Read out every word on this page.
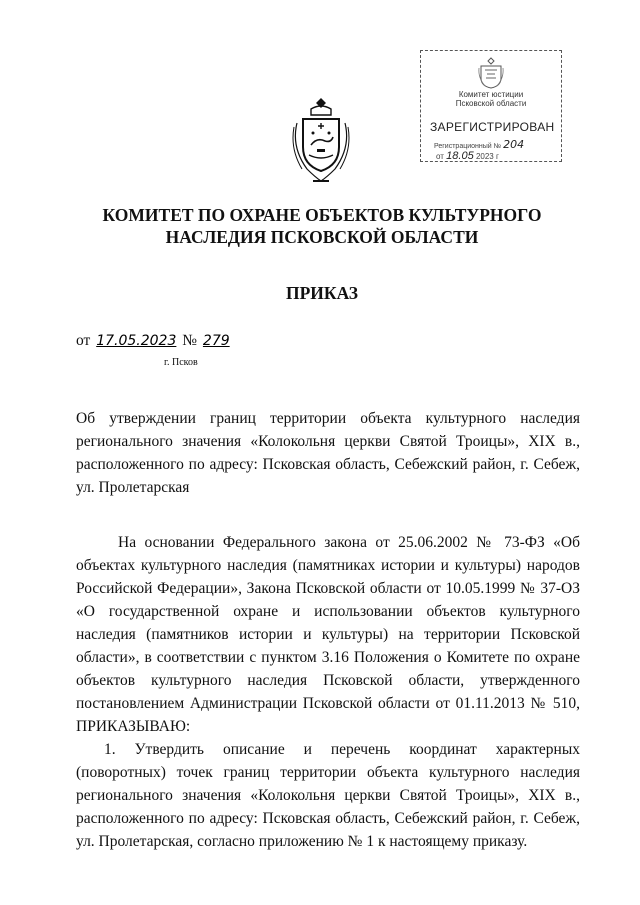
Комитет юстиции
Псковской области
ЗАРЕГИСТРИРОВАН
Регистрационный № 204
от 18.05 2023 г
КОМИТЕТ ПО ОХРАНЕ ОБЪЕКТОВ КУЛЬТУРНОГО НАСЛЕДИЯ ПСКОВСКОЙ ОБЛАСТИ
ПРИКАЗ
от 17.05.2023 № 279
г. Псков
Об утверждении границ территории объекта культурного наследия регионального значения «Колокольня церкви Святой Троицы», XIX в., расположенного по адресу: Псковская область, Себежский район, г. Себеж, ул. Пролетарская

На основании Федерального закона от 25.06.2002 № 73-ФЗ «Об объектах культурного наследия (памятниках истории и культуры) народов Российской Федерации», Закона Псковской области от 10.05.1999 № 37-ОЗ «О государственной охране и использовании объектов культурного наследия (памятников истории и культуры) на территории Псковской области», в соответствии с пунктом 3.16 Положения о Комитете по охране объектов культурного наследия Псковской области, утвержденного постановлением Администрации Псковской области от 01.11.2013 № 510, ПРИКАЗЫВАЮ:

1. Утвердить описание и перечень координат характерных (поворотных) точек границ территории объекта культурного наследия регионального значения «Колокольня церкви Святой Троицы», XIX в., расположенного по адресу: Псковская область, Себежский район, г. Себеж, ул. Пролетарская, согласно приложению № 1 к настоящему приказу.
